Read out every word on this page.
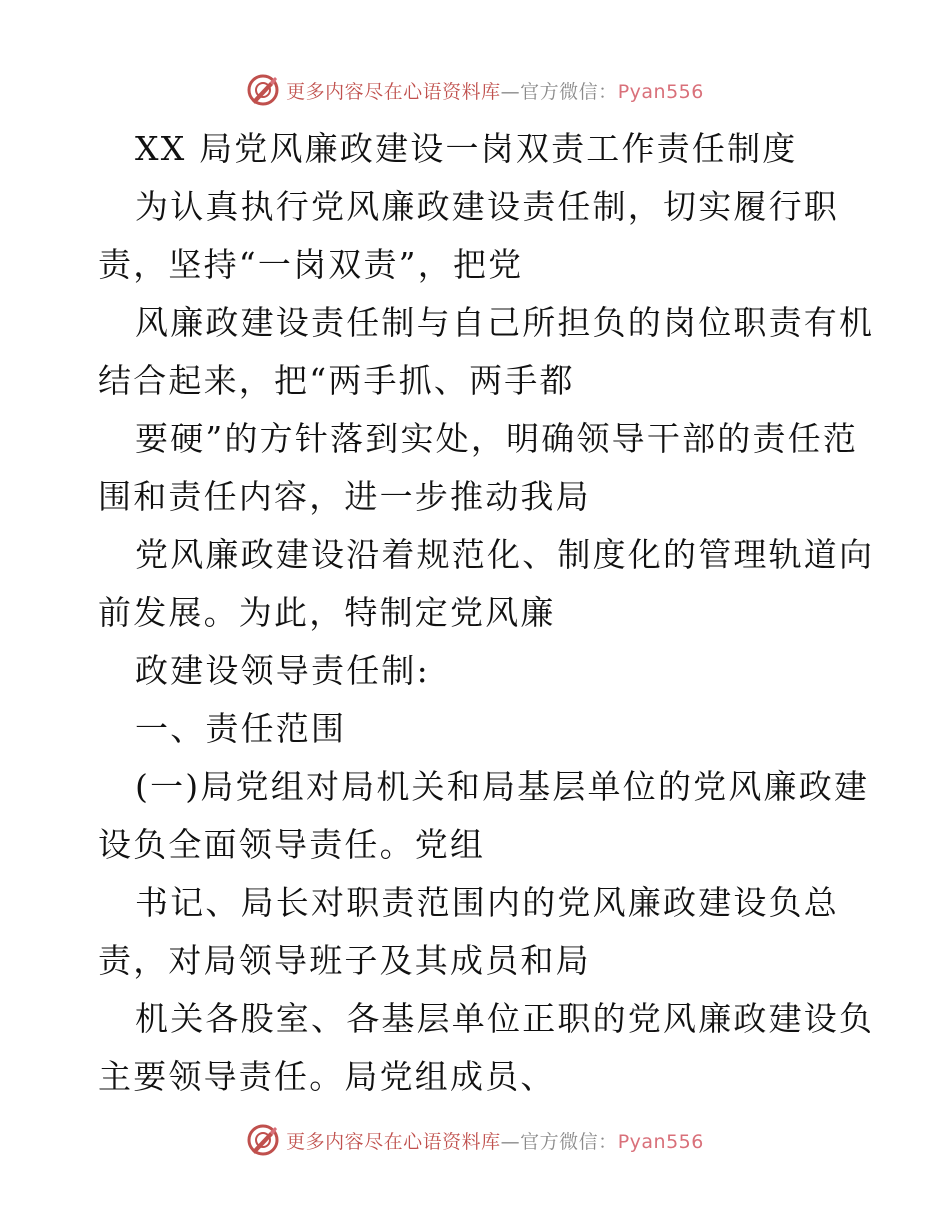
更多内容尽在心语资料库—官方微信：Pyan556
XX 局党风廉政建设一岗双责工作责任制度
为认真执行党风廉政建设责任制，切实履行职
责，坚持“一岗双责”，把党
风廉政建设责任制与自己所担负的岗位职责有机
结合起来，把“两手抓、两手都
要硬”的方针落到实处，明确领导干部的责任范
围和责任内容，进一步推动我局
党风廉政建设沿着规范化、制度化的管理轨道向
前发展。为此，特制定党风廉
政建设领导责任制:
一、责任范围
(一)局党组对局机关和局基层单位的党风廉政建
设负全面领导责任。党组
书记、局长对职责范围内的党风廉政建设负总
责，对局领导班子及其成员和局
机关各股室、各基层单位正职的党风廉政建设负
主要领导责任。局党组成员、
更多内容尽在心语资料库—官方微信：Pyan556
